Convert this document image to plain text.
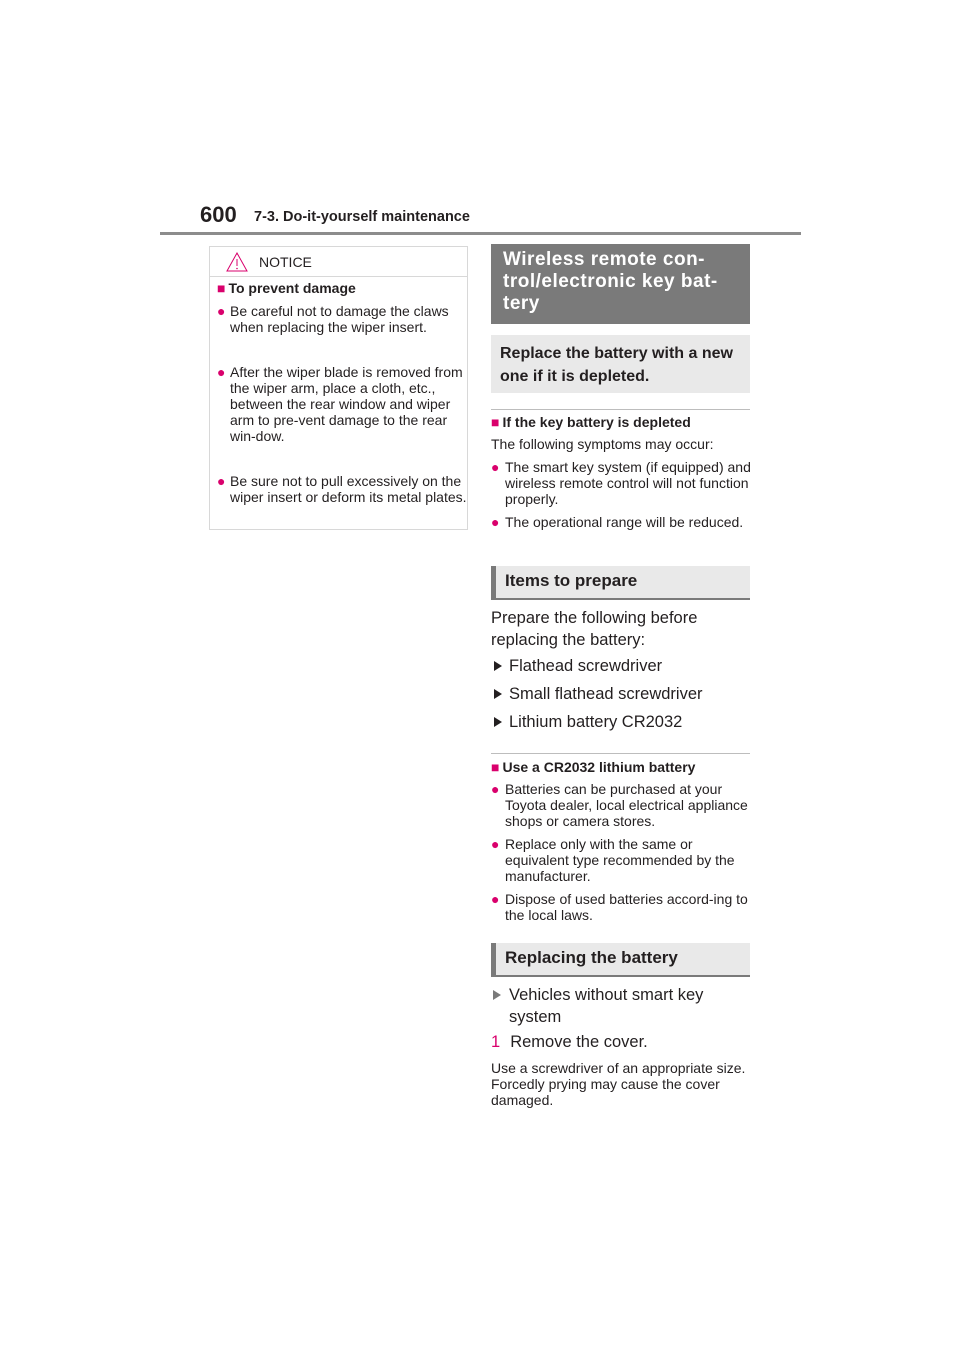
600 7-3. Do-it-yourself maintenance
NOTICE
■ To prevent damage
● Be careful not to damage the claws when replacing the wiper insert.
● After the wiper blade is removed from the wiper arm, place a cloth, etc., between the rear window and wiper arm to pre-vent damage to the rear win-dow.
● Be sure not to pull excessively on the wiper insert or deform its metal plates.
Wireless remote con-trol/electronic key bat-tery
Replace the battery with a new one if it is depleted.
■ If the key battery is depleted
The following symptoms may occur:
● The smart key system (if equipped) and wireless remote control will not function properly.
● The operational range will be reduced.
Items to prepare
Prepare the following before replacing the battery:
Flathead screwdriver
Small flathead screwdriver
Lithium battery CR2032
■ Use a CR2032 lithium battery
● Batteries can be purchased at your Toyota dealer, local electrical appliance shops or camera stores.
● Replace only with the same or equivalent type recommended by the manufacturer.
● Dispose of used batteries accord-ing to the local laws.
Replacing the battery
Vehicles without smart key system
1 Remove the cover.
Use a screwdriver of an appropriate size. Forcedly prying may cause the cover damaged.
